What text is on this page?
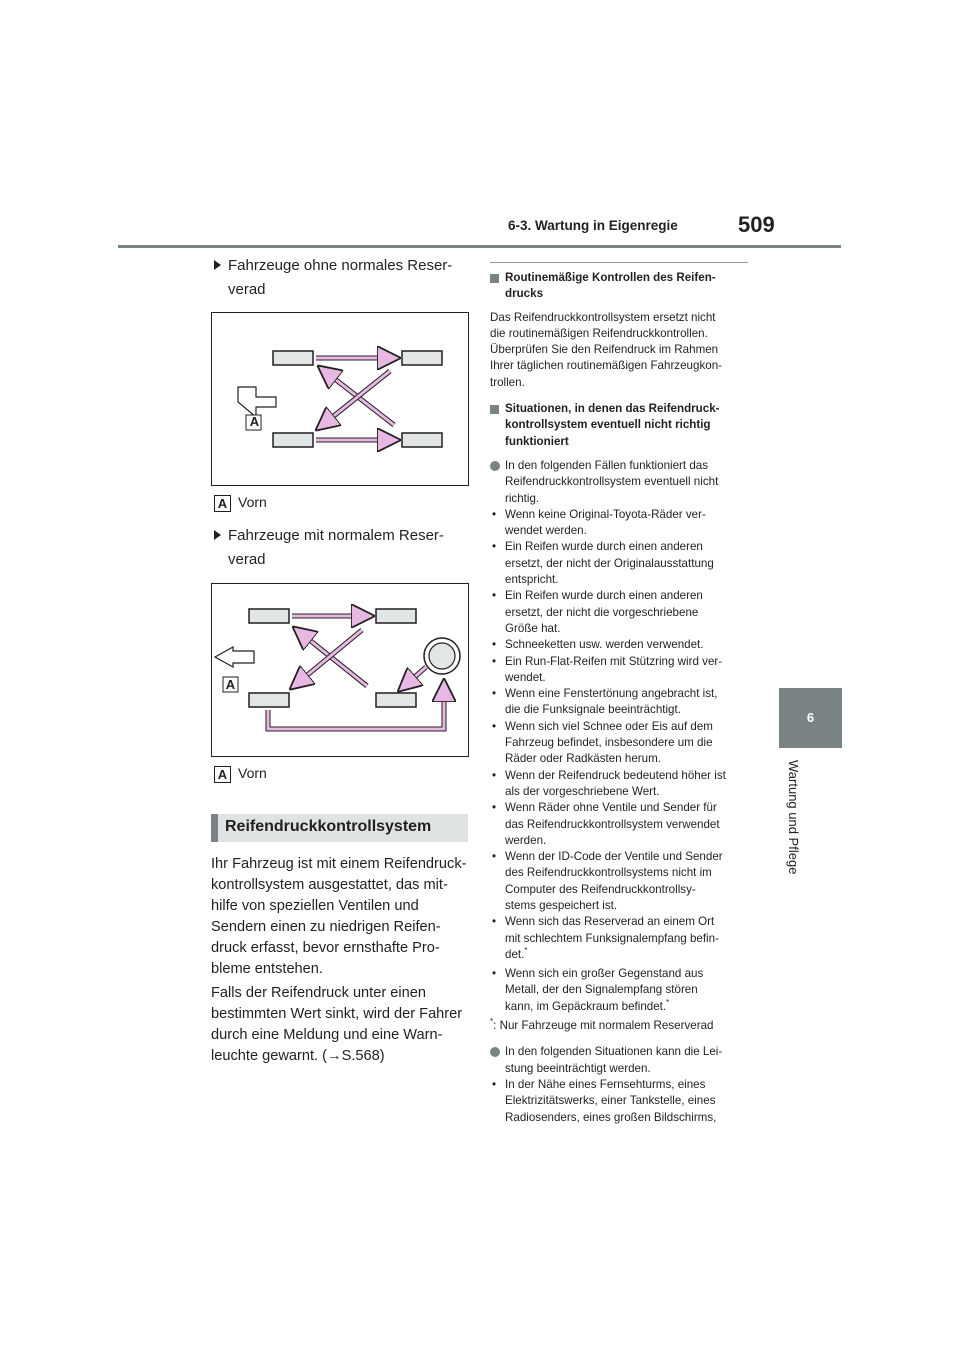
6-3. Wartung in Eigenregie	509
6
Wartung und Pflege
Fahrzeuge ohne normales Reser-
verad
A
A Vorn
Fahrzeuge mit normalem Reser-
verad
A
A Vorn
Reifendruckkontrollsystem
Ihr Fahrzeug ist mit einem Reifendruck-
kontrollsystem ausgestattet, das mit-
hilfe von speziellen Ventilen und
Sendern einen zu niedrigen Reifen-
druck erfasst, bevor ernsthafte Pro-
bleme entstehen.
Falls der Reifendruck unter einen
bestimmten Wert sinkt, wird der Fahrer
durch eine Meldung und eine Warn-
leuchte gewarnt. (→S.568)
Routinemäßige Kontrollen des Reifen-
drucks
Das Reifendruckkontrollsystem ersetzt nicht
die routinemäßigen Reifendruckkontrollen.
Überprüfen Sie den Reifendruck im Rahmen
Ihrer täglichen routinemäßigen Fahrzeugkon-
trollen.
Situationen, in denen das Reifendruck-
kontrollsystem eventuell nicht richtig
funktioniert
In den folgenden Fällen funktioniert das
Reifendruckkontrollsystem eventuell nicht
richtig.
• Wenn keine Original-Toyota-Räder ver-
wendet werden.
• Ein Reifen wurde durch einen anderen
ersetzt, der nicht der Originalausstattung
entspricht.
• Ein Reifen wurde durch einen anderen
ersetzt, der nicht die vorgeschriebene
Größe hat.
• Schneeketten usw. werden verwendet.
• Ein Run-Flat-Reifen mit Stützring wird ver-
wendet.
• Wenn eine Fenstertönung angebracht ist,
die die Funksignale beeinträchtigt.
• Wenn sich viel Schnee oder Eis auf dem
Fahrzeug befindet, insbesondere um die
Räder oder Radkästen herum.
• Wenn der Reifendruck bedeutend höher ist
als der vorgeschriebene Wert.
• Wenn Räder ohne Ventile und Sender für
das Reifendruckkontrollsystem verwendet
werden.
• Wenn der ID-Code der Ventile und Sender
des Reifendruckkontrollsystems nicht im
Computer des Reifendruckkontrollsy-
stems gespeichert ist.
• Wenn sich das Reserverad an einem Ort
mit schlechtem Funksignalempfang befin-
det.*
• Wenn sich ein großer Gegenstand aus
Metall, der den Signalempfang stören
kann, im Gepäckraum befindet.*
*: Nur Fahrzeuge mit normalem Reserverad
In den folgenden Situationen kann die Lei-
stung beeinträchtigt werden.
• In der Nähe eines Fernsehturms, eines
Elektrizitätswerks, einer Tankstelle, eines
Radiosenders, eines großen Bildschirms,
